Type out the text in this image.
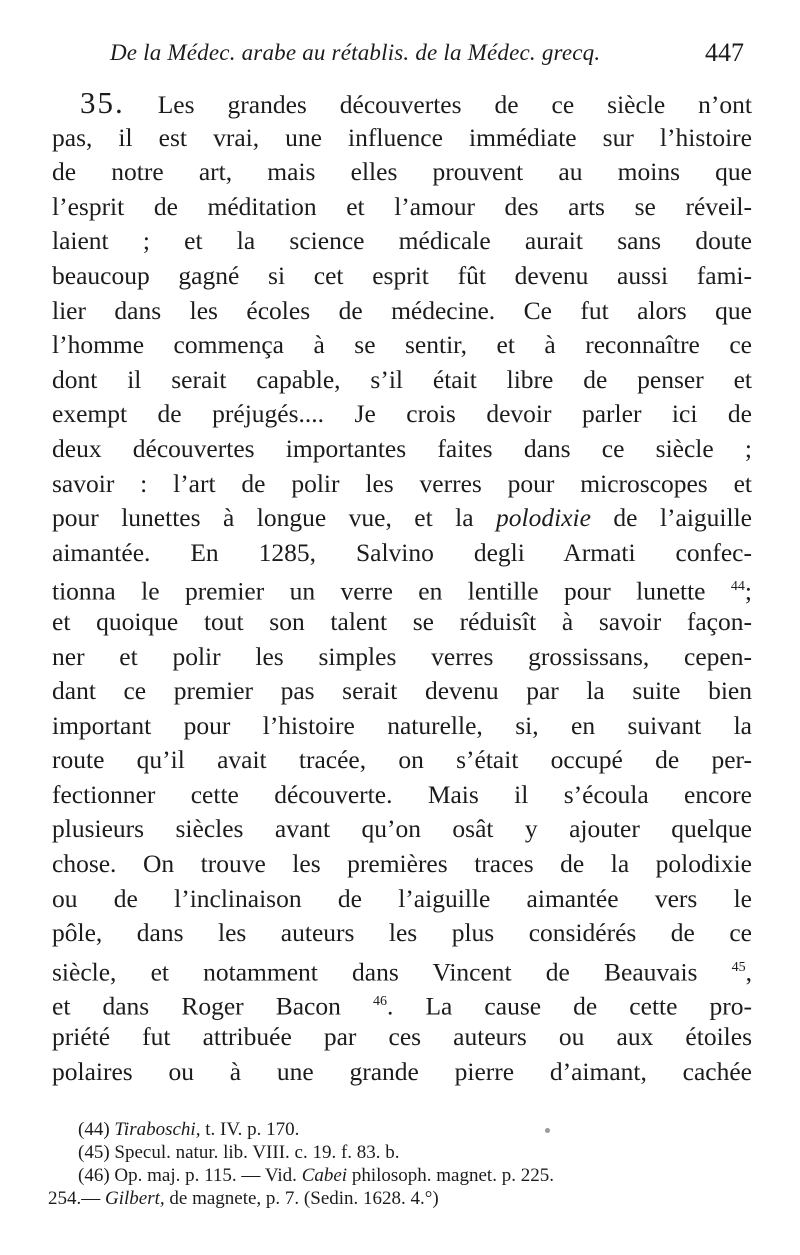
De la Médec. arabe au rétablis. de la Médec. grecq.	447
35. Les grandes découvertes de ce siècle n’ont
pas, il est vrai, une influence immédiate sur l’histoire
de notre art, mais elles prouvent au moins que
l’esprit de méditation et l’amour des arts se réveil-
laient ; et la science médicale aurait sans doute
beaucoup gagné si cet esprit fût devenu aussi fami-
lier dans les écoles de médecine. Ce fut alors que
l’homme commença à se sentir, et à reconnaître ce
dont il serait capable, s’il était libre de penser et
exempt de préjugés.... Je crois devoir parler ici de
deux découvertes importantes faites dans ce siècle ;
savoir : l’art de polir les verres pour microscopes et
pour lunettes à longue vue, et la polodixie de l’aiguille
aimantée. En 1285, Salvino degli Armati confec-
tionna le premier un verre en lentille pour lunette $^{44}$;
et quoique tout son talent se réduisît à savoir façon-
ner et polir les simples verres grossissans, cepen-
dant ce premier pas serait devenu par la suite bien
important pour l’histoire naturelle, si, en suivant la
route qu’il avait tracée, on s’était occupé de per-
fectionner cette découverte. Mais il s’écoula encore
plusieurs siècles avant qu’on osât y ajouter quelque
chose. On trouve les premières traces de la polodixie
ou de l’inclinaison de l’aiguille aimantée vers le
pôle, dans les auteurs les plus considérés de ce
siècle, et notamment dans Vincent de Beauvais $^{45}$,
et dans Roger Bacon $^{46}$. La cause de cette pro-
priété fut attribuée par ces auteurs ou aux étoiles
polaires ou à une grande pierre d’aimant, cachée
(44) Tiraboschi, t. IV. p. 170.
(45) Specul. natur. lib. VIII. c. 19. f. 83. b.
(46) Op. maj. p. 115. — Vid. Cabei philosoph. magnet. p. 225.
254.— Gilbert, de magnete, p. 7. (Sedin. 1628. 4.°)
